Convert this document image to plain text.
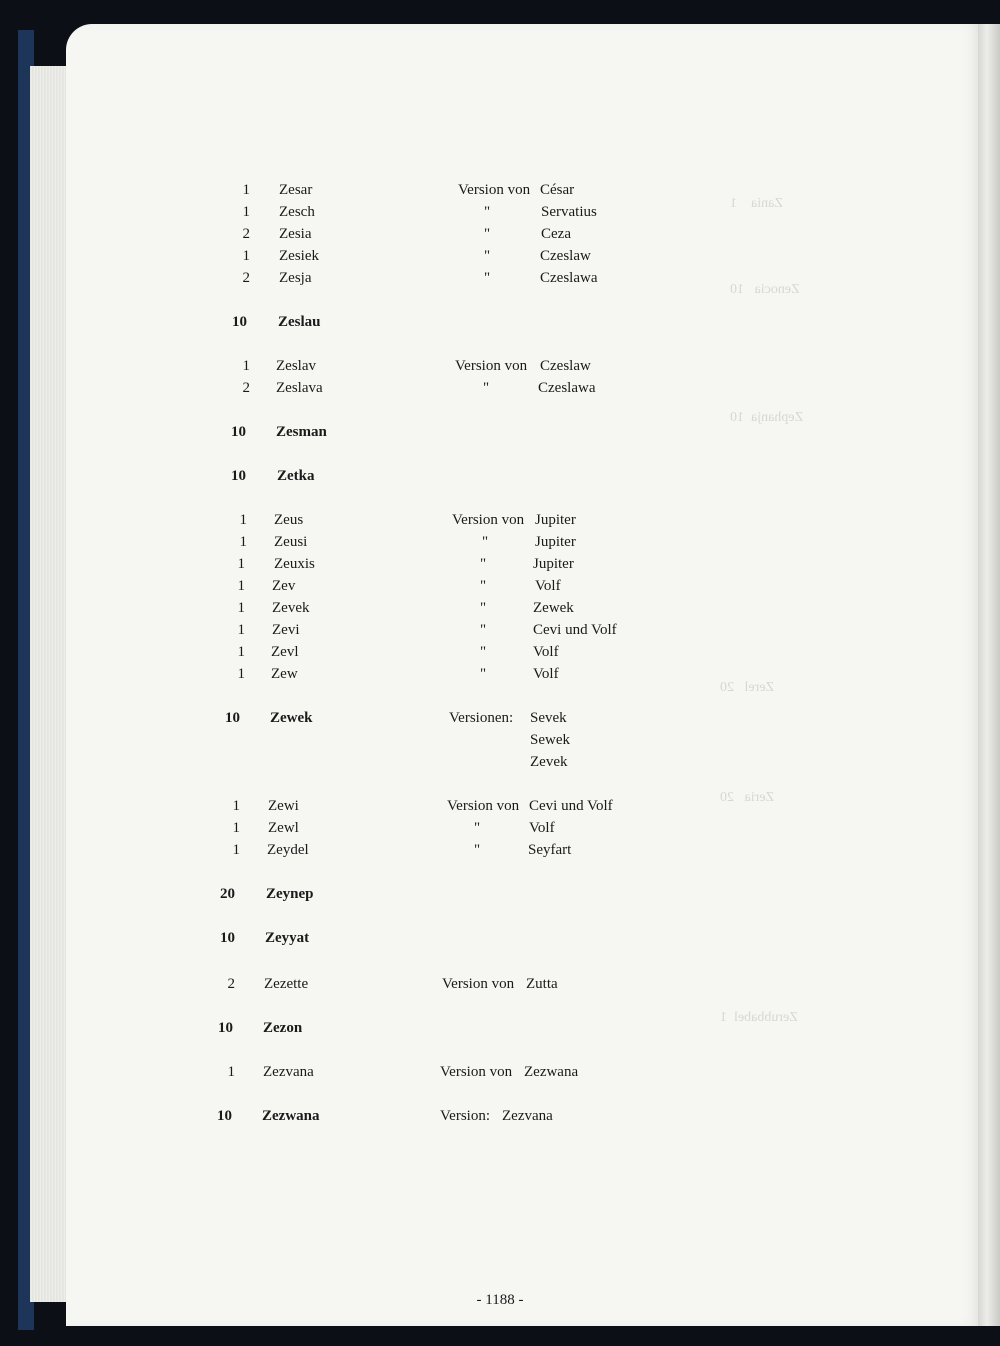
Zania    1
Zenocia   10
Zephanja  10
Zerel   20
Zeria   20
Zerubbabel  1
1 Zesar	Version von César
1 Zesch	"	Servatius
2 Zesia	"	Ceza
1 Zesiek	"	Czeslaw
2 Zesja	"	Czeslawa
10 Zeslau
1 Zeslav	Version von Czeslaw
2 Zeslava	"	Czeslawa
10 Zesman
10 Zetka
1 Zeus	Version von Jupiter
1 Zeusi	"	Jupiter
1 Zeuxis	"	Jupiter
1 Zev	"	Volf
1 Zevek	"	Zewek
1 Zevi	"	Cevi und Volf
1 Zevl	"	Volf
1 Zew	"	Volf
10 Zewek	Versionen: Sevek
Sewek
Zevek
1 Zewi	Version von Cevi und Volf
1 Zewl	"	Volf
1 Zeydel	"	Seyfart
20 Zeynep
10 Zeyyat
2 Zezette	Version von Zutta
10 Zezon
1 Zezvana	Version von Zezwana
10 Zezwana	Version: Zezvana
- 1188 -
